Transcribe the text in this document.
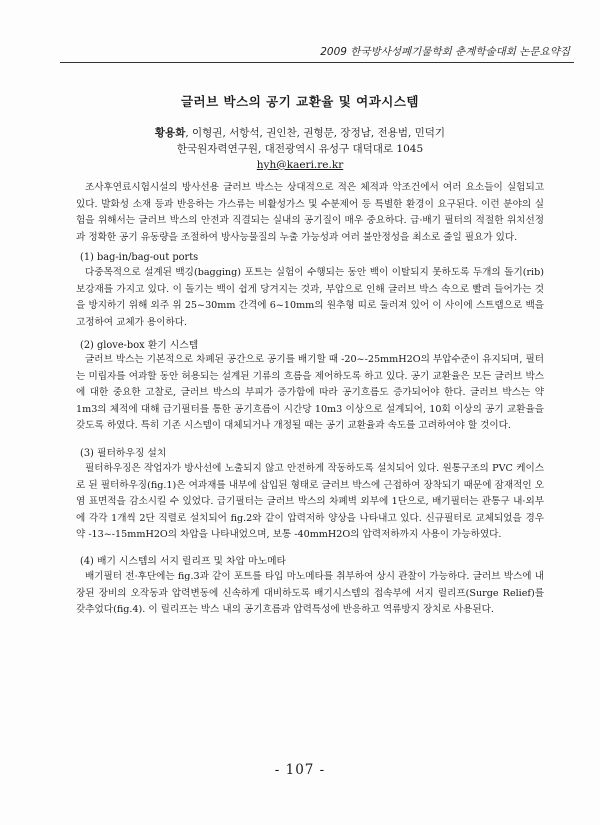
2009 한국방사성폐기물학회 춘계학술대회 논문요약집
글러브 박스의 공기 교환율 및 여과시스템
황용화, 이형권, 서항석, 권인찬, 권형문, 장정남, 전용범, 민덕기
한국원자력연구원, 대전광역시 유성구 대덕대로 1045
hyh@kaeri.re.kr

조사후연료시험시설의 방사선용 글러브 박스는 상대적으로 적은 체적과 악조건에서 여러 요소들이 실험되고 있다. 발화성 소재 등과 반응하는 가스류는 비활성가스 및 수분제어 등 특별한 환경이 요구된다. 이런 분야의 실험을 위해서는 글러브 박스의 안전과 직결되는 실내의 공기질이 매우 중요하다. 급·배기 필터의 적절한 위치선정과 정확한 공기 유동량을 조절하여 방사능물질의 누출 가능성과 여러 불안정성을 최소로 줄일 필요가 있다.

(1) bag-in/bag-out ports

다중목적으로 설계된 백깅(bagging) 포트는 실험이 수행되는 동안 백이 이탈되지 못하도록 두개의 돌기(rib) 보강재를 가지고 있다. 이 돌기는 백이 쉽게 당겨지는 것과, 부압으로 인해 글러브 박스 속으로 빨려 들어가는 것을 방지하기 위해 외주 위 25~30mm 간격에 6~10mm의 원추형 띠로 둘러져 있어 이 사이에 스트랩으로 백을 고정하여 교체가 용이하다.

(2) glove-box 환기 시스템

글러브 박스는 기본적으로 차폐된 공간으로 공기를 배기할 때 -20~-25mmH2O의 부압수준이 유지되며, 필터는 미립자를 여과할 동안 허용되는 설계된 기류의 흐름을 제어하도록 하고 있다. 공기 교환율은 모든 글러브 박스에 대한 중요한 고찰로, 글러브 박스의 부피가 증가함에 따라 공기흐름도 증가되어야 한다. 글러브 박스는 약 1m3의 체적에 대해 급기필터를 통한 공기흐름이 시간당 10m3 이상으로 설계되어, 10회 이상의 공기 교환율을 갖도록 하였다. 특히 기존 시스템이 대체되거나 개정될 때는 공기 교환율과 속도를 고려하여야 할 것이다.

(3) 필터하우징 설치

필터하우징은 작업자가 방사선에 노출되지 않고 안전하게 작동하도록 설치되어 있다. 원통구조의 PVC 케이스로 된 필터하우징(fig.1)은 여과재를 내부에 삽입된 형태로 글러브 박스에 근접하여 장착되기 때문에 잠재적인 오염 표면적을 감소시킬 수 있었다. 급기필터는 글러브 박스의 차폐벽 외부에 1단으로, 배기필터는 관통구 내·외부에 각각 1개씩 2단 직렬로 설치되어 fig.2와 같이 압력저하 양상을 나타내고 있다. 신규필터로 교체되었을 경우 약 -13~-15mmH2O의 차압을 나타내었으며, 보통 -40mmH2O의 압력저하까지 사용이 가능하였다.

(4) 배기 시스템의 서지 릴리프 및 차압 마노메타

배기필터 전·후단에는 fig.3과 같이 포트를 타입 마노메타를 취부하여 상시 관찰이 가능하다. 글러브 박스에 내장된 장비의 오작동과 압력변동에 신속하게 대비하도록 배기시스템의 접속부에 서지 릴리프(Surge Relief)를 갖추었다(fig.4). 이 릴리프는 박스 내의 공기흐름과 압력특성에 반응하고 역류방지 장치로 사용된다.

- 107 -
